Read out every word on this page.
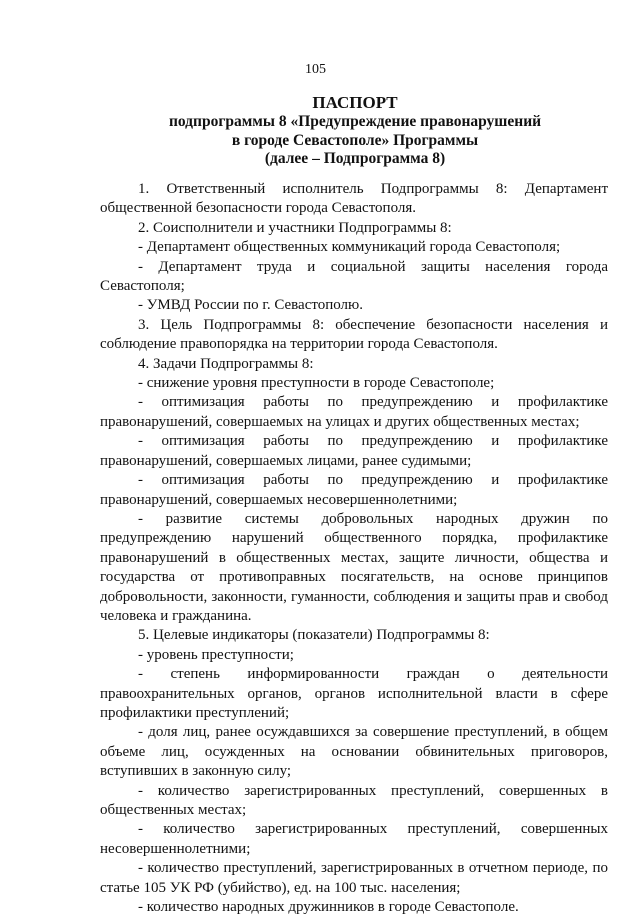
105
ПАСПОРТ
подпрограммы 8 «Предупреждение правонарушений
в городе Севастополе» Программы
(далее – Подпрограмма 8)

1. Ответственный исполнитель Подпрограммы 8: Департамент общественной безопасности города Севастополя.

2. Соисполнители и участники Подпрограммы 8:

- Департамент общественных коммуникаций города Севастополя;

- Департамент труда и социальной защиты населения города Севастополя;

- УМВД России по г. Севастополю.

3. Цель Подпрограммы 8: обеспечение безопасности населения и соблюдение правопорядка на территории города Севастополя.

4. Задачи Подпрограммы 8:

- снижение уровня преступности в городе Севастополе;

- оптимизация работы по предупреждению и профилактике правонарушений, совершаемых на улицах и других общественных местах;

- оптимизация работы по предупреждению и профилактике правонарушений, совершаемых лицами, ранее судимыми;

- оптимизация работы по предупреждению и профилактике правонарушений, совершаемых несовершеннолетними;

- развитие системы добровольных народных дружин по предупреждению нарушений общественного порядка, профилактике правонарушений в общественных местах, защите личности, общества и государства от противоправных посягательств, на основе принципов добровольности, законности, гуманности, соблюдения и защиты прав и свобод человека и гражданина.

5. Целевые индикаторы (показатели) Подпрограммы 8:

- уровень преступности;

- степень информированности граждан о деятельности правоохранительных органов, органов исполнительной власти в сфере профилактики преступлений;

- доля лиц, ранее осуждавшихся за совершение преступлений, в общем объеме лиц, осужденных на основании обвинительных приговоров, вступивших в законную силу;

- количество зарегистрированных преступлений, совершенных в общественных местах;

- количество зарегистрированных преступлений, совершенных несовершеннолетними;

- количество преступлений, зарегистрированных в отчетном периоде, по статье 105 УК РФ (убийство), ед. на 100 тыс. населения;

- количество народных дружинников в городе Севастополе.
